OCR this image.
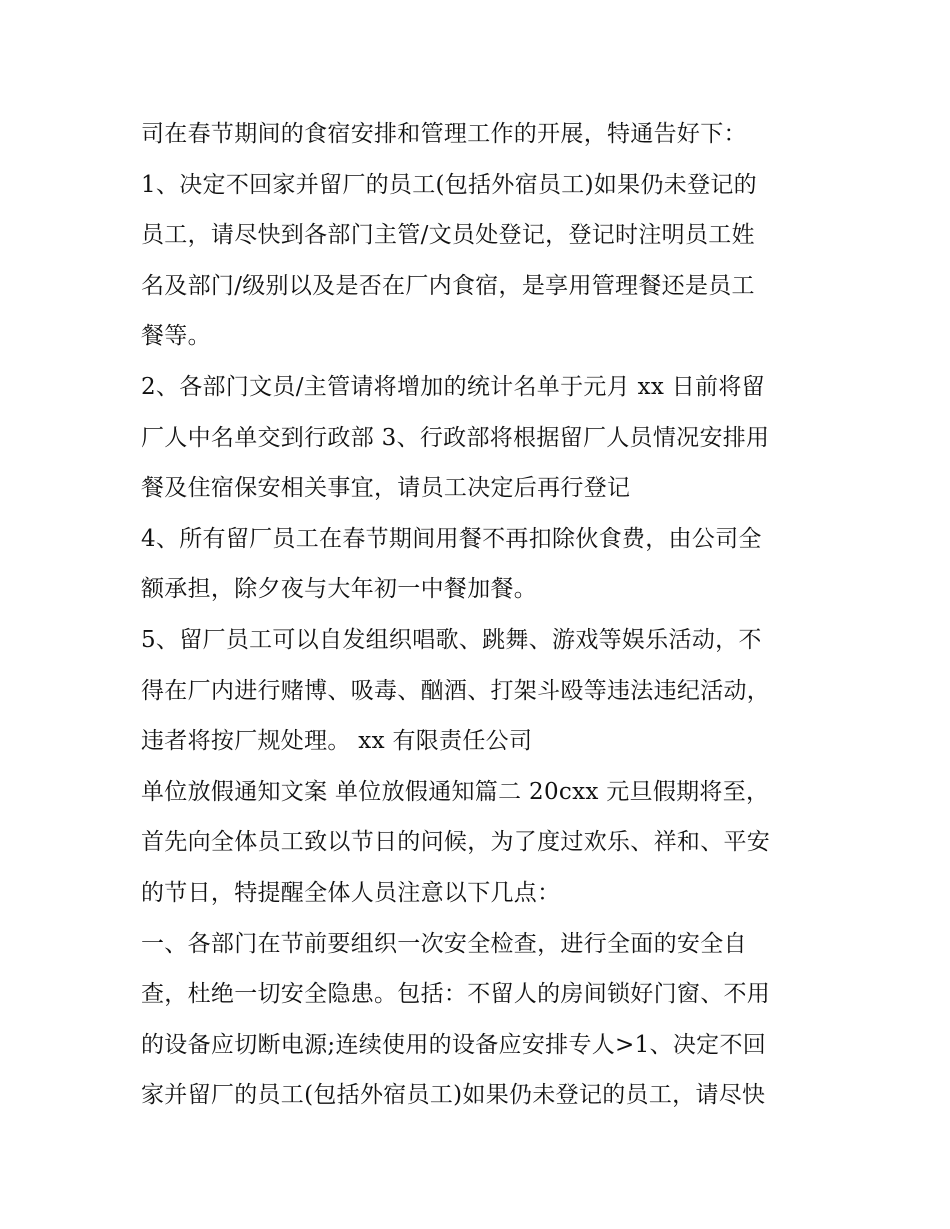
司在春节期间的食宿安排和管理工作的开展，特通告好下：
1、决定不回家并留厂的员工(包括外宿员工)如果仍未登记的
员工，请尽快到各部门主管/文员处登记，登记时注明员工姓
名及部门/级别以及是否在厂内食宿，是享用管理餐还是员工
餐等。
2、各部门文员/主管请将增加的统计名单于元月 xx 日前将留
厂人中名单交到行政部 3、行政部将根据留厂人员情况安排用
餐及住宿保安相关事宜，请员工决定后再行登记
4、所有留厂员工在春节期间用餐不再扣除伙食费，由公司全
额承担，除夕夜与大年初一中餐加餐。
5、留厂员工可以自发组织唱歌、跳舞、游戏等娱乐活动，不
得在厂内进行赌博、吸毒、酗酒、打架斗殴等违法违纪活动，
违者将按厂规处理。 xx 有限责任公司
单位放假通知文案 单位放假通知篇二 20cxx 元旦假期将至，
首先向全体员工致以节日的问候，为了度过欢乐、祥和、平安
的节日，特提醒全体人员注意以下几点：
一、各部门在节前要组织一次安全检查，进行全面的安全自
查，杜绝一切安全隐患。包括：不留人的房间锁好门窗、不用
的设备应切断电源;连续使用的设备应安排专人>1、决定不回
家并留厂的员工(包括外宿员工)如果仍未登记的员工，请尽快
